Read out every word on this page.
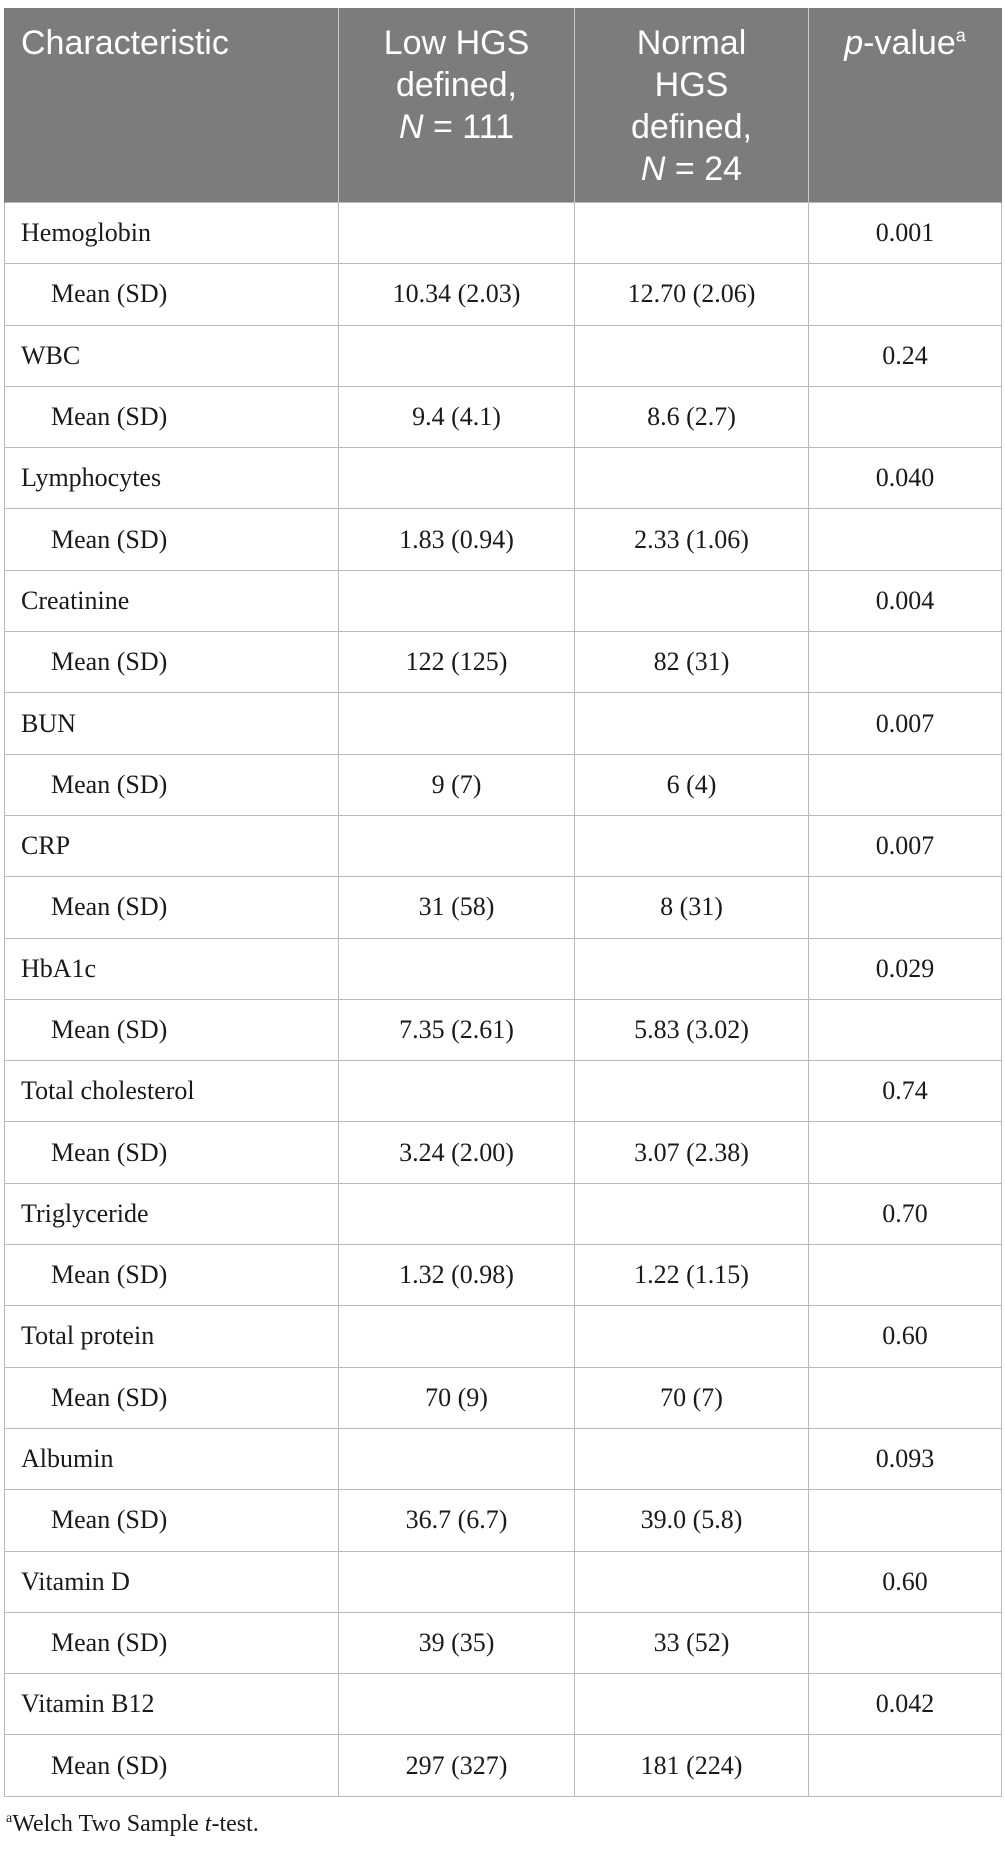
Characteristic	Low HGS
defined,
N = 111	Normal
HGS
defined,
N = 24	p-value$^a$
Hemoglobin			0.001
Mean (SD)	10.34 (2.03)	12.70 (2.06)	
WBC			0.24
Mean (SD)	9.4 (4.1)	8.6 (2.7)	
Lymphocytes			0.040
Mean (SD)	1.83 (0.94)	2.33 (1.06)	
Creatinine			0.004
Mean (SD)	122 (125)	82 (31)	
BUN			0.007
Mean (SD)	9 (7)	6 (4)	
CRP			0.007
Mean (SD)	31 (58)	8 (31)	
HbA1c			0.029
Mean (SD)	7.35 (2.61)	5.83 (3.02)	
Total cholesterol			0.74
Mean (SD)	3.24 (2.00)	3.07 (2.38)	
Triglyceride			0.70
Mean (SD)	1.32 (0.98)	1.22 (1.15)	
Total protein			0.60
Mean (SD)	70 (9)	70 (7)	
Albumin			0.093
Mean (SD)	36.7 (6.7)	39.0 (5.8)	
Vitamin D			0.60
Mean (SD)	39 (35)	33 (52)	
Vitamin B12			0.042
Mean (SD)	297 (327)	181 (224)	
$^a$Welch Two Sample t-test.
